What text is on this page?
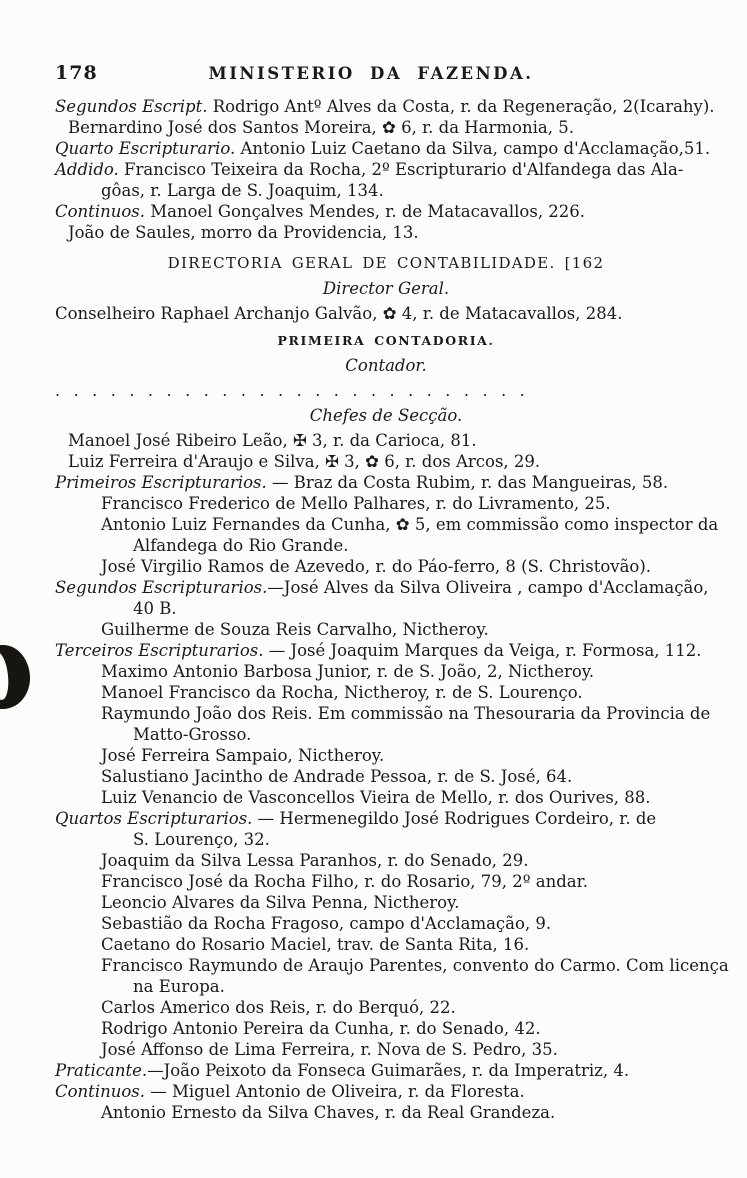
178	MINISTERIO DA FAZENDA.

Segundos Escript. Rodrigo Antº Alves da Costa, r. da Regeneração, 2(Icarahy).

Bernardino José dos Santos Moreira, ✿ 6, r. da Harmonia, 5.

Quarto Escripturario. Antonio Luiz Caetano da Silva, campo d'Acclamação,51.

Addido. Francisco Teixeira da Rocha, 2º Escripturario d'Alfandega das Ala-

gôas, r. Larga de S. Joaquim, 134.

Continuos. Manoel Gonçalves Mendes, r. de Matacavallos, 226.

João de Saules, morro da Providencia, 13.

DIRECTORIA GERAL DE CONTABILIDADE. [162

Director Geral.

Conselheiro Raphael Archanjo Galvão, ✿ 4, r. de Matacavallos, 284.

PRIMEIRA CONTADORIA.

Contador.

..........................

Chefes de Secção.

Manoel José Ribeiro Leão, ✠ 3, r. da Carioca, 81.

Luiz Ferreira d'Araujo e Silva, ✠ 3, ✿ 6, r. dos Arcos, 29.

Primeiros Escripturarios. — Braz da Costa Rubim, r. das Mangueiras, 58.

Francisco Frederico de Mello Palhares, r. do Livramento, 25.

Antonio Luiz Fernandes da Cunha, ✿ 5, em commissão como inspector da

Alfandega do Rio Grande.

José Virgilio Ramos de Azevedo, r. do Páo-ferro, 8 (S. Christovão).

Segundos Escripturarios.—José Alves da Silva Oliveira , campo d'Acclamação,

40 B.

Guilherme de Souza Reis Carvalho, Nictheroy.

Terceiros Escripturarios. — José Joaquim Marques da Veiga, r. Formosa, 112.

Maximo Antonio Barbosa Junior, r. de S. João, 2, Nictheroy.

Manoel Francisco da Rocha, Nictheroy, r. de S. Lourenço.

Raymundo João dos Reis. Em commissão na Thesouraria da Provincia de

Matto-Grosso.

José Ferreira Sampaio, Nictheroy.

Salustiano Jacintho de Andrade Pessoa, r. de S. José, 64.

Luiz Venancio de Vasconcellos Vieira de Mello, r. dos Ourives, 88.

Quartos Escripturarios. — Hermenegildo José Rodrigues Cordeiro, r. de

S. Lourenço, 32.

Joaquim da Silva Lessa Paranhos, r. do Senado, 29.

Francisco José da Rocha Filho, r. do Rosario, 79, 2º andar.

Leoncio Alvares da Silva Penna, Nictheroy.

Sebastião da Rocha Fragoso, campo d'Acclamação, 9.

Caetano do Rosario Maciel, trav. de Santa Rita, 16.

Francisco Raymundo de Araujo Parentes, convento do Carmo. Com licença

na Europa.

Carlos Americo dos Reis, r. do Berquó, 22.

Rodrigo Antonio Pereira da Cunha, r. do Senado, 42.

José Affonso de Lima Ferreira, r. Nova de S. Pedro, 35.

Praticante.—João Peixoto da Fonseca Guimarães, r. da Imperatriz, 4.

Continuos. — Miguel Antonio de Oliveira, r. da Floresta.

Antonio Ernesto da Silva Chaves, r. da Real Grandeza.
